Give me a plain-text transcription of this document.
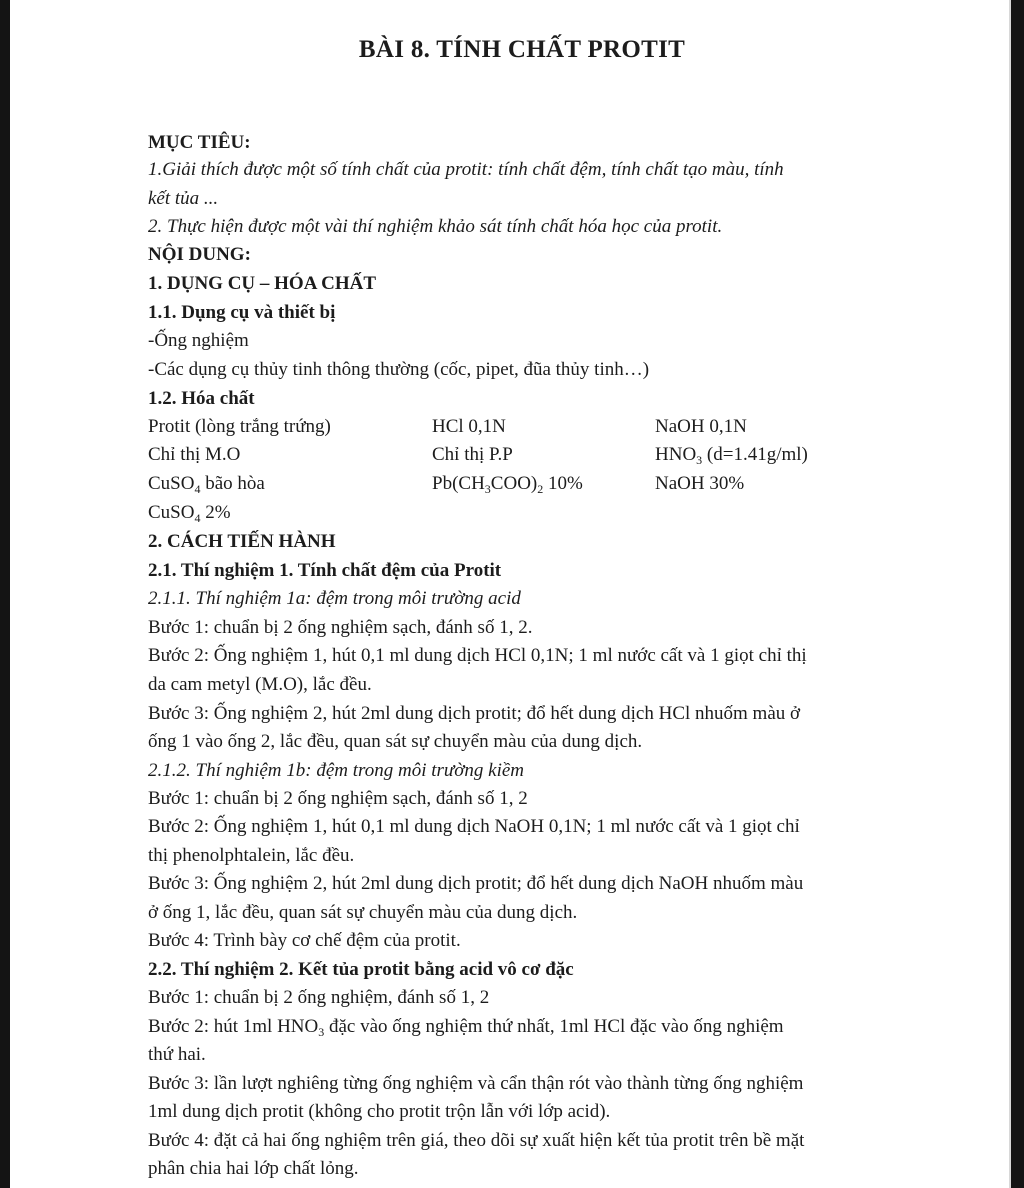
BÀI 8. TÍNH CHẤT PROTIT
MỤC TIÊU:
1.Giải thích được một số tính chất của protit: tính chất đệm, tính chất tạo màu, tính
kết tủa ...
2. Thực hiện được một vài thí nghiệm khảo sát tính chất hóa học của protit.
NỘI DUNG:
1. DỤNG CỤ – HÓA CHẤT
1.1. Dụng cụ và thiết bị
-Ống nghiệm
-Các dụng cụ thủy tinh thông thường (cốc, pipet, đũa thủy tinh…)
1.2. Hóa chất
Protit (lòng trắng trứng)	HCl 0,1N	NaOH 0,1N
Chỉ thị M.O	Chỉ thị P.P	$HNO_3$ (d=1.41g/ml)
CuSO$_4$ bão hòa	$Pb(CH_3COO)_2$ 10%	NaOH 30%
CuSO$_4$ 2%
2. CÁCH TIẾN HÀNH
2.1. Thí nghiệm 1. Tính chất đệm của Protit
2.1.1. Thí nghiệm 1a: đệm trong môi trường acid
Bước 1: chuẩn bị 2 ống nghiệm sạch, đánh số 1, 2.
Bước 2: Ống nghiệm 1, hút 0,1 ml dung dịch HCl 0,1N; 1 ml nước cất và 1 giọt chỉ thị
da cam metyl (M.O), lắc đều.
Bước 3: Ống nghiệm 2, hút 2ml dung dịch protit; đổ hết dung dịch HCl nhuốm màu ở
ống 1 vào ống 2, lắc đều, quan sát sự chuyển màu của dung dịch.
2.1.2. Thí nghiệm 1b: đệm trong môi trường kiềm
Bước 1: chuẩn bị 2 ống nghiệm sạch, đánh số 1, 2
Bước 2: Ống nghiệm 1, hút 0,1 ml dung dịch NaOH 0,1N; 1 ml nước cất và 1 giọt chỉ
thị phenolphtalein, lắc đều.
Bước 3: Ống nghiệm 2, hút 2ml dung dịch protit; đổ hết dung dịch NaOH nhuốm màu
ở ống 1, lắc đều, quan sát sự chuyển màu của dung dịch.
Bước 4: Trình bày cơ chế đệm của protit.
2.2. Thí nghiệm 2. Kết tủa protit bằng acid vô cơ đặc
Bước 1: chuẩn bị 2 ống nghiệm, đánh số 1, 2
Bước 2: hút 1ml $HNO_3$ đặc vào ống nghiệm thứ nhất, 1ml HCl đặc vào ống nghiệm
thứ hai.
Bước 3: lần lượt nghiêng từng ống nghiệm và cẩn thận rót vào thành từng ống nghiệm
1ml dung dịch protit (không cho protit trộn lẫn với lớp acid).
Bước 4: đặt cả hai ống nghiệm trên giá, theo dõi sự xuất hiện kết tủa protit trên bề mặt
phân chia hai lớp chất lỏng.
